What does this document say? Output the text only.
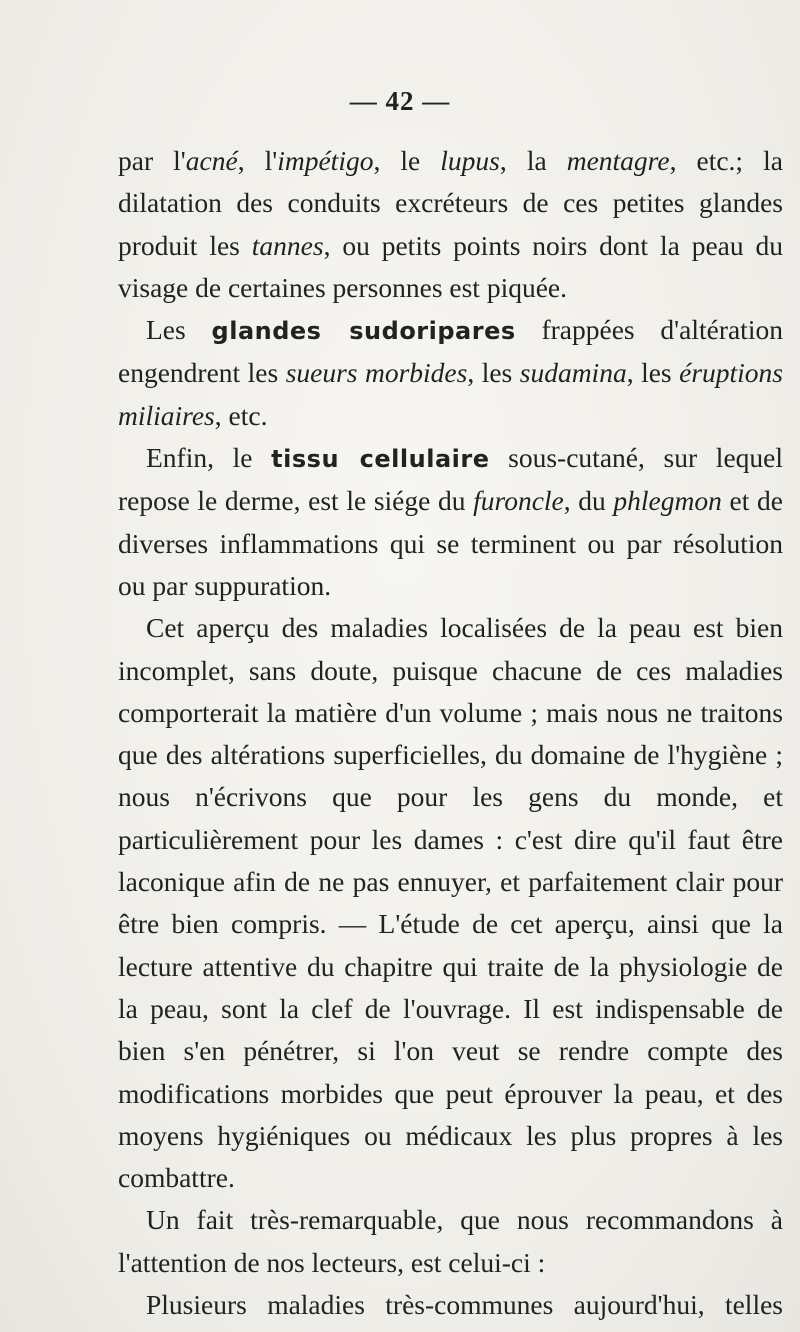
— 42 —

par l'acné, l'impétigo, le lupus, la mentagre, etc.; la dilatation des conduits excréteurs de ces petites glandes produit les tannes, ou petits points noirs dont la peau du visage de certaines personnes est piquée.

Les glandes sudoripares frappées d'altération engendrent les sueurs morbides, les sudamina, les éruptions miliaires, etc.

Enfin, le tissu cellulaire sous-cutané, sur lequel repose le derme, est le siége du furoncle, du phlegmon et de diverses inflammations qui se terminent ou par résolution ou par suppuration.

Cet aperçu des maladies localisées de la peau est bien incomplet, sans doute, puisque chacune de ces maladies comporterait la matière d'un volume ; mais nous ne traitons que des altérations superficielles, du domaine de l'hygiène ; nous n'écrivons que pour les gens du monde, et particulièrement pour les dames : c'est dire qu'il faut être laconique afin de ne pas ennuyer, et parfaitement clair pour être bien compris. — L'étude de cet aperçu, ainsi que la lecture attentive du chapitre qui traite de la physiologie de la peau, sont la clef de l'ouvrage. Il est indispensable de bien s'en pénétrer, si l'on veut se rendre compte des modifications morbides que peut éprouver la peau, et des moyens hygiéniques ou médicaux les plus propres à les combattre.

Un fait très-remarquable, que nous recommandons à l'attention de nos lecteurs, est celui-ci :

Plusieurs maladies très-communes aujourd'hui, telles
